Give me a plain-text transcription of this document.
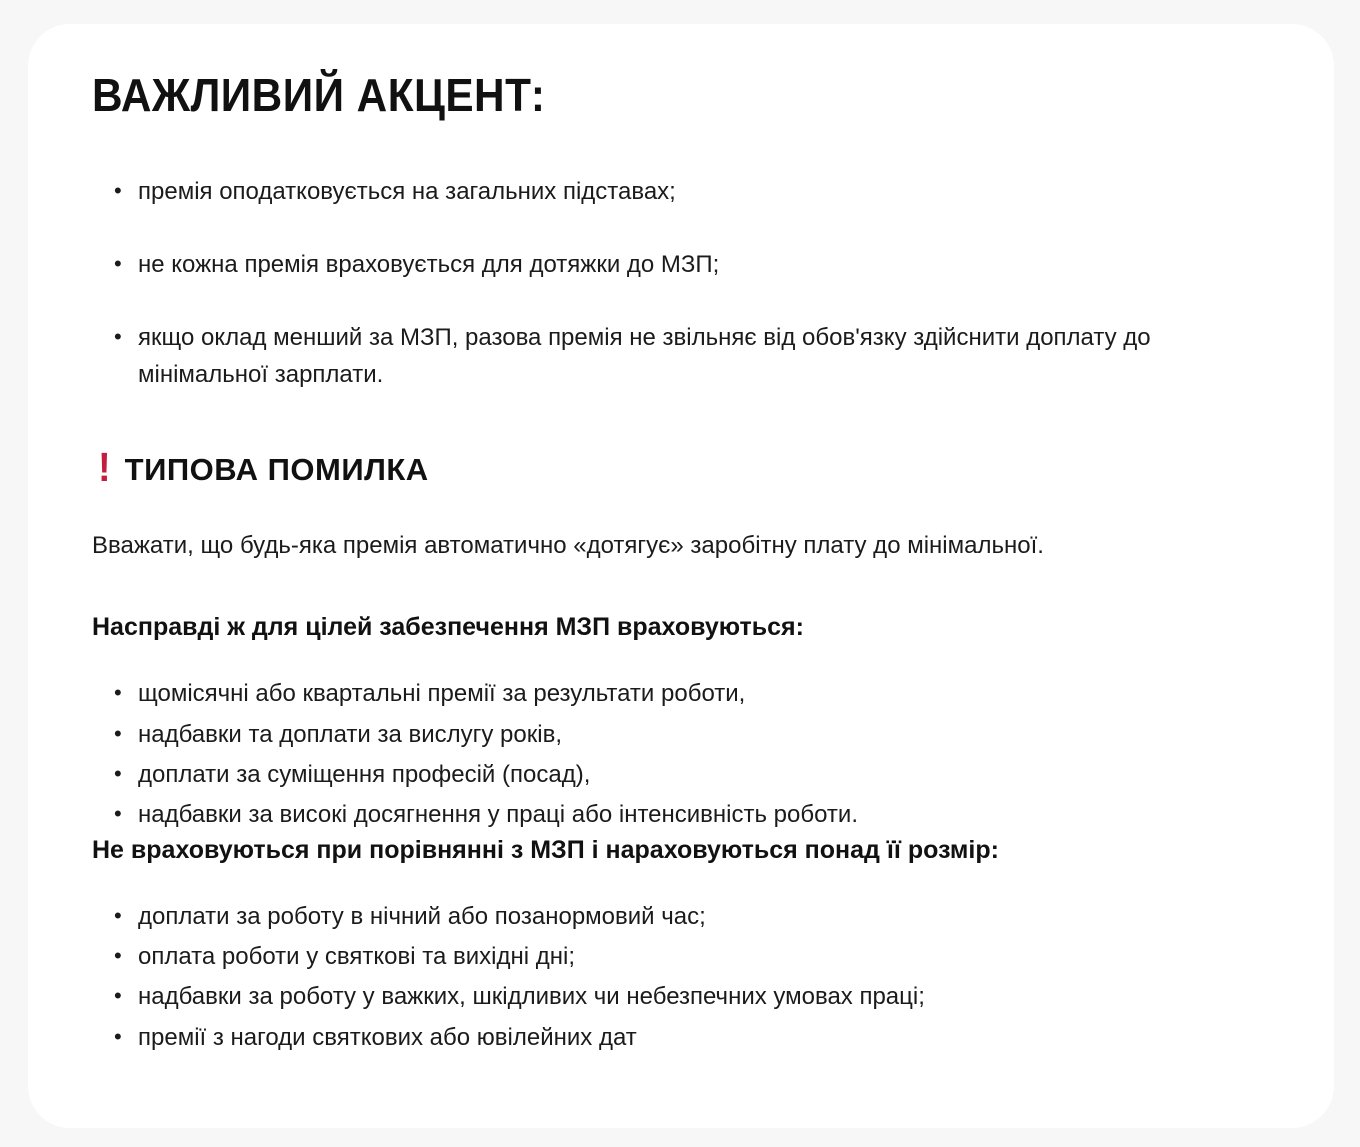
ВАЖЛИВИЙ АКЦЕНТ:
• премія оподатковується на загальних підставах;
• не кожна премія враховується для дотяжки до МЗП;
• якщо оклад менший за МЗП, разова премія не звільняє від обов'язку здійснити доплату до мінімальної зарплати.
! ТИПОВА ПОМИЛКА

Вважати, що будь-яка премія автоматично «дотягує» заробітну плату до мінімальної.

Насправді ж для цілей забезпечення МЗП враховуються:
• щомісячні або квартальні премії за результати роботи,
• надбавки та доплати за вислугу років,
• доплати за суміщення професій (посад),
• надбавки за високі досягнення у праці або інтенсивність роботи.
Не враховуються при порівнянні з МЗП і нараховуються понад її розмір:
• доплати за роботу в нічний або позанормовий час;
• оплата роботи у святкові та вихідні дні;
• надбавки за роботу у важких, шкідливих чи небезпечних умовах праці;
• премії з нагоди святкових або ювілейних дат
